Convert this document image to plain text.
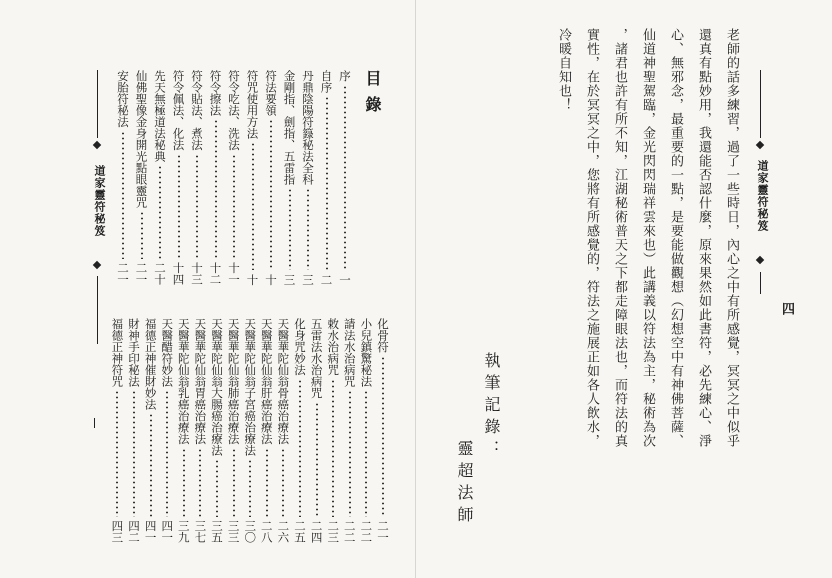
序
一
自序
二
丹鼎陰陽符籙秘法全科
三
金剛指、劍指、五雷指
三
符法要領
十
符咒使用方法
十
符令吃法、洗法
十一
符令擦法
十二
符令貼法、煮法
十三
符令佩法、化法
十四
先天無極道法秘典
二十
仙佛聖像金身開光點眼靈咒
二一
安胎符秘法
二一
目錄
化骨符
二一
小兒鎮驚秘法
二二
請法水治病咒
二二
敕水治病咒
二三
五雷法水治病咒
二四
化身咒妙法
二五
天醫華陀仙翁骨癌治療法
二六
天醫華陀仙翁肝癌治療法
二八
天醫華陀仙翁子宮癌治療法
三〇
天醫華陀仙翁肺癌治療法
三三
天醫華陀仙翁大腸癌治療法
三五
天醫華陀仙翁胃癌治療法
三七
天醫華陀仙翁乳癌治療法
三九
天醫醋符妙法
四一
福德正神催財妙法
四一
財神手印秘法
四二
福德正神符咒
四三
道家靈符秘笈
四
老師的話多練習，過了一些時日，內心之中有所感覺，冥冥之中似乎
還真有點妙用，我還能否認什麼，原來果然如此書符，必先練心、淨
心、無邪念，最重要的一點，是要能做觀想（幻想空中有神佛菩薩、
仙道神聖駕臨，金光閃閃瑞祥雲來也）此講義以符法為主，秘術為次
，諸君也許有所不知，江湖秘術普天之下都走障眼法也，而符法的真
實性，在於冥冥之中，您將有所感覺的，符法之施展正如各人飲水，
冷暖自知也！
執筆記錄：
靈超法師
道家靈符秘笈
